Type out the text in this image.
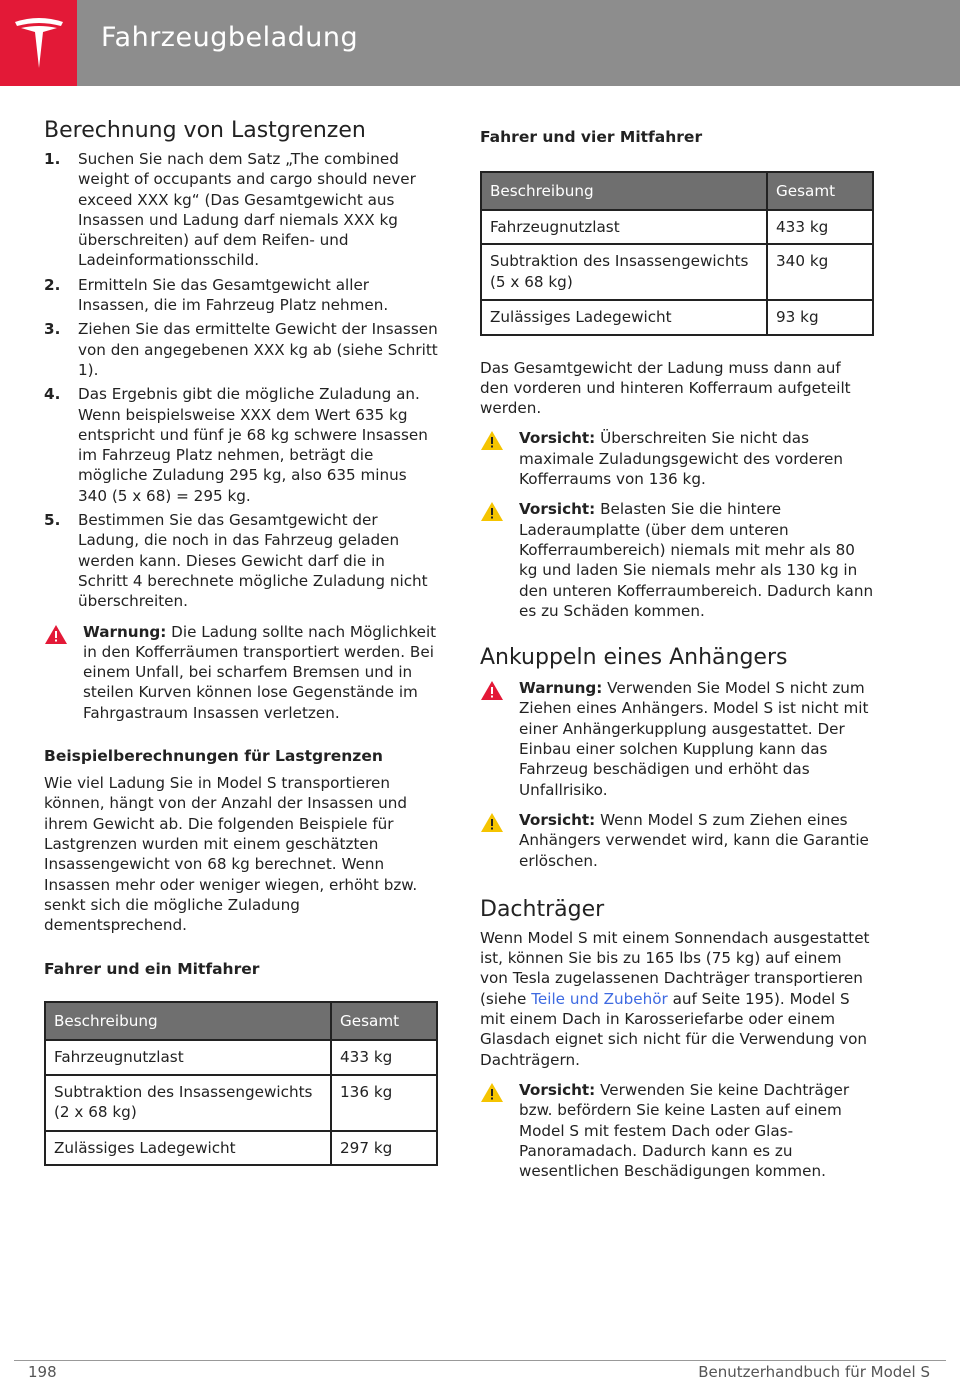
Fahrzeugbeladung
Berechnung von Lastgrenzen
1. Suchen Sie nach dem Satz „The combined weight of occupants and cargo should never exceed XXX kg“ (Das Gesamtgewicht aus Insassen und Ladung darf niemals XXX kg überschreiten) auf dem Reifen- und Ladeinformationsschild.
2. Ermitteln Sie das Gesamtgewicht aller Insassen, die im Fahrzeug Platz nehmen.
3. Ziehen Sie das ermittelte Gewicht der Insassen von den angegebenen XXX kg ab (siehe Schritt 1).
4. Das Ergebnis gibt die mögliche Zuladung an. Wenn beispielsweise XXX dem Wert 635 kg entspricht und fünf je 68 kg schwere Insassen im Fahrzeug Platz nehmen, beträgt die mögliche Zuladung 295 kg, also 635 minus 340 (5 x 68) = 295 kg.
5. Bestimmen Sie das Gesamtgewicht der Ladung, die noch in das Fahrzeug geladen werden kann. Dieses Gewicht darf die in Schritt 4 berechnete mögliche Zuladung nicht überschreiten.
Warnung: Die Ladung sollte nach Möglichkeit in den Kofferräumen transportiert werden. Bei einem Unfall, bei scharfem Bremsen und in steilen Kurven können lose Gegenstände im Fahrgastraum Insassen verletzen.
Beispielberechnungen für Lastgrenzen

Wie viel Ladung Sie in Model S transportieren können, hängt von der Anzahl der Insassen und ihrem Gewicht ab. Die folgenden Beispiele für Lastgrenzen wurden mit einem geschätzten Insassengewicht von 68 kg berechnet. Wenn Insassen mehr oder weniger wiegen, erhöht bzw. senkt sich die mögliche Zuladung dementsprechend.

Fahrer und ein Mitfahrer
Beschreibung	Gesamt
Fahrzeugnutzlast	433 kg
Subtraktion des Insassengewichts (2 x 68 kg)	136 kg
Zulässiges Ladegewicht	297 kg
Fahrer und vier Mitfahrer
Beschreibung	Gesamt
Fahrzeugnutzlast	433 kg
Subtraktion des Insassengewichts (5 x 68 kg)	340 kg
Zulässiges Ladegewicht	93 kg

Das Gesamtgewicht der Ladung muss dann auf den vorderen und hinteren Kofferraum aufgeteilt werden.

Vorsicht: Überschreiten Sie nicht das maximale Zuladungsgewicht des vorderen Kofferraums von 136 kg.
Vorsicht: Belasten Sie die hintere Laderaumplatte (über dem unteren Kofferraumbereich) niemals mit mehr als 80 kg und laden Sie niemals mehr als 130 kg in den unteren Kofferraumbereich. Dadurch kann es zu Schäden kommen.
Ankuppeln eines Anhängers
Warnung: Verwenden Sie Model S nicht zum Ziehen eines Anhängers. Model S ist nicht mit einer Anhängerkupplung ausgestattet. Der Einbau einer solchen Kupplung kann das Fahrzeug beschädigen und erhöht das Unfallrisiko.
Vorsicht: Wenn Model S zum Ziehen eines Anhängers verwendet wird, kann die Garantie erlöschen.
Dachträger

Wenn Model S mit einem Sonnendach ausgestattet ist, können Sie bis zu 165 lbs (75 kg) auf einem von Tesla zugelassenen Dachträger transportieren (siehe Teile und Zubehör auf Seite 195). Model S mit einem Dach in Karosseriefarbe oder einem Glasdach eignet sich nicht für die Verwendung von Dachträgern.

Vorsicht: Verwenden Sie keine Dachträger bzw. befördern Sie keine Lasten auf einem Model S mit festem Dach oder Glas-Panoramadach. Dadurch kann es zu wesentlichen Beschädigungen kommen.
198	Benutzerhandbuch für Model S
